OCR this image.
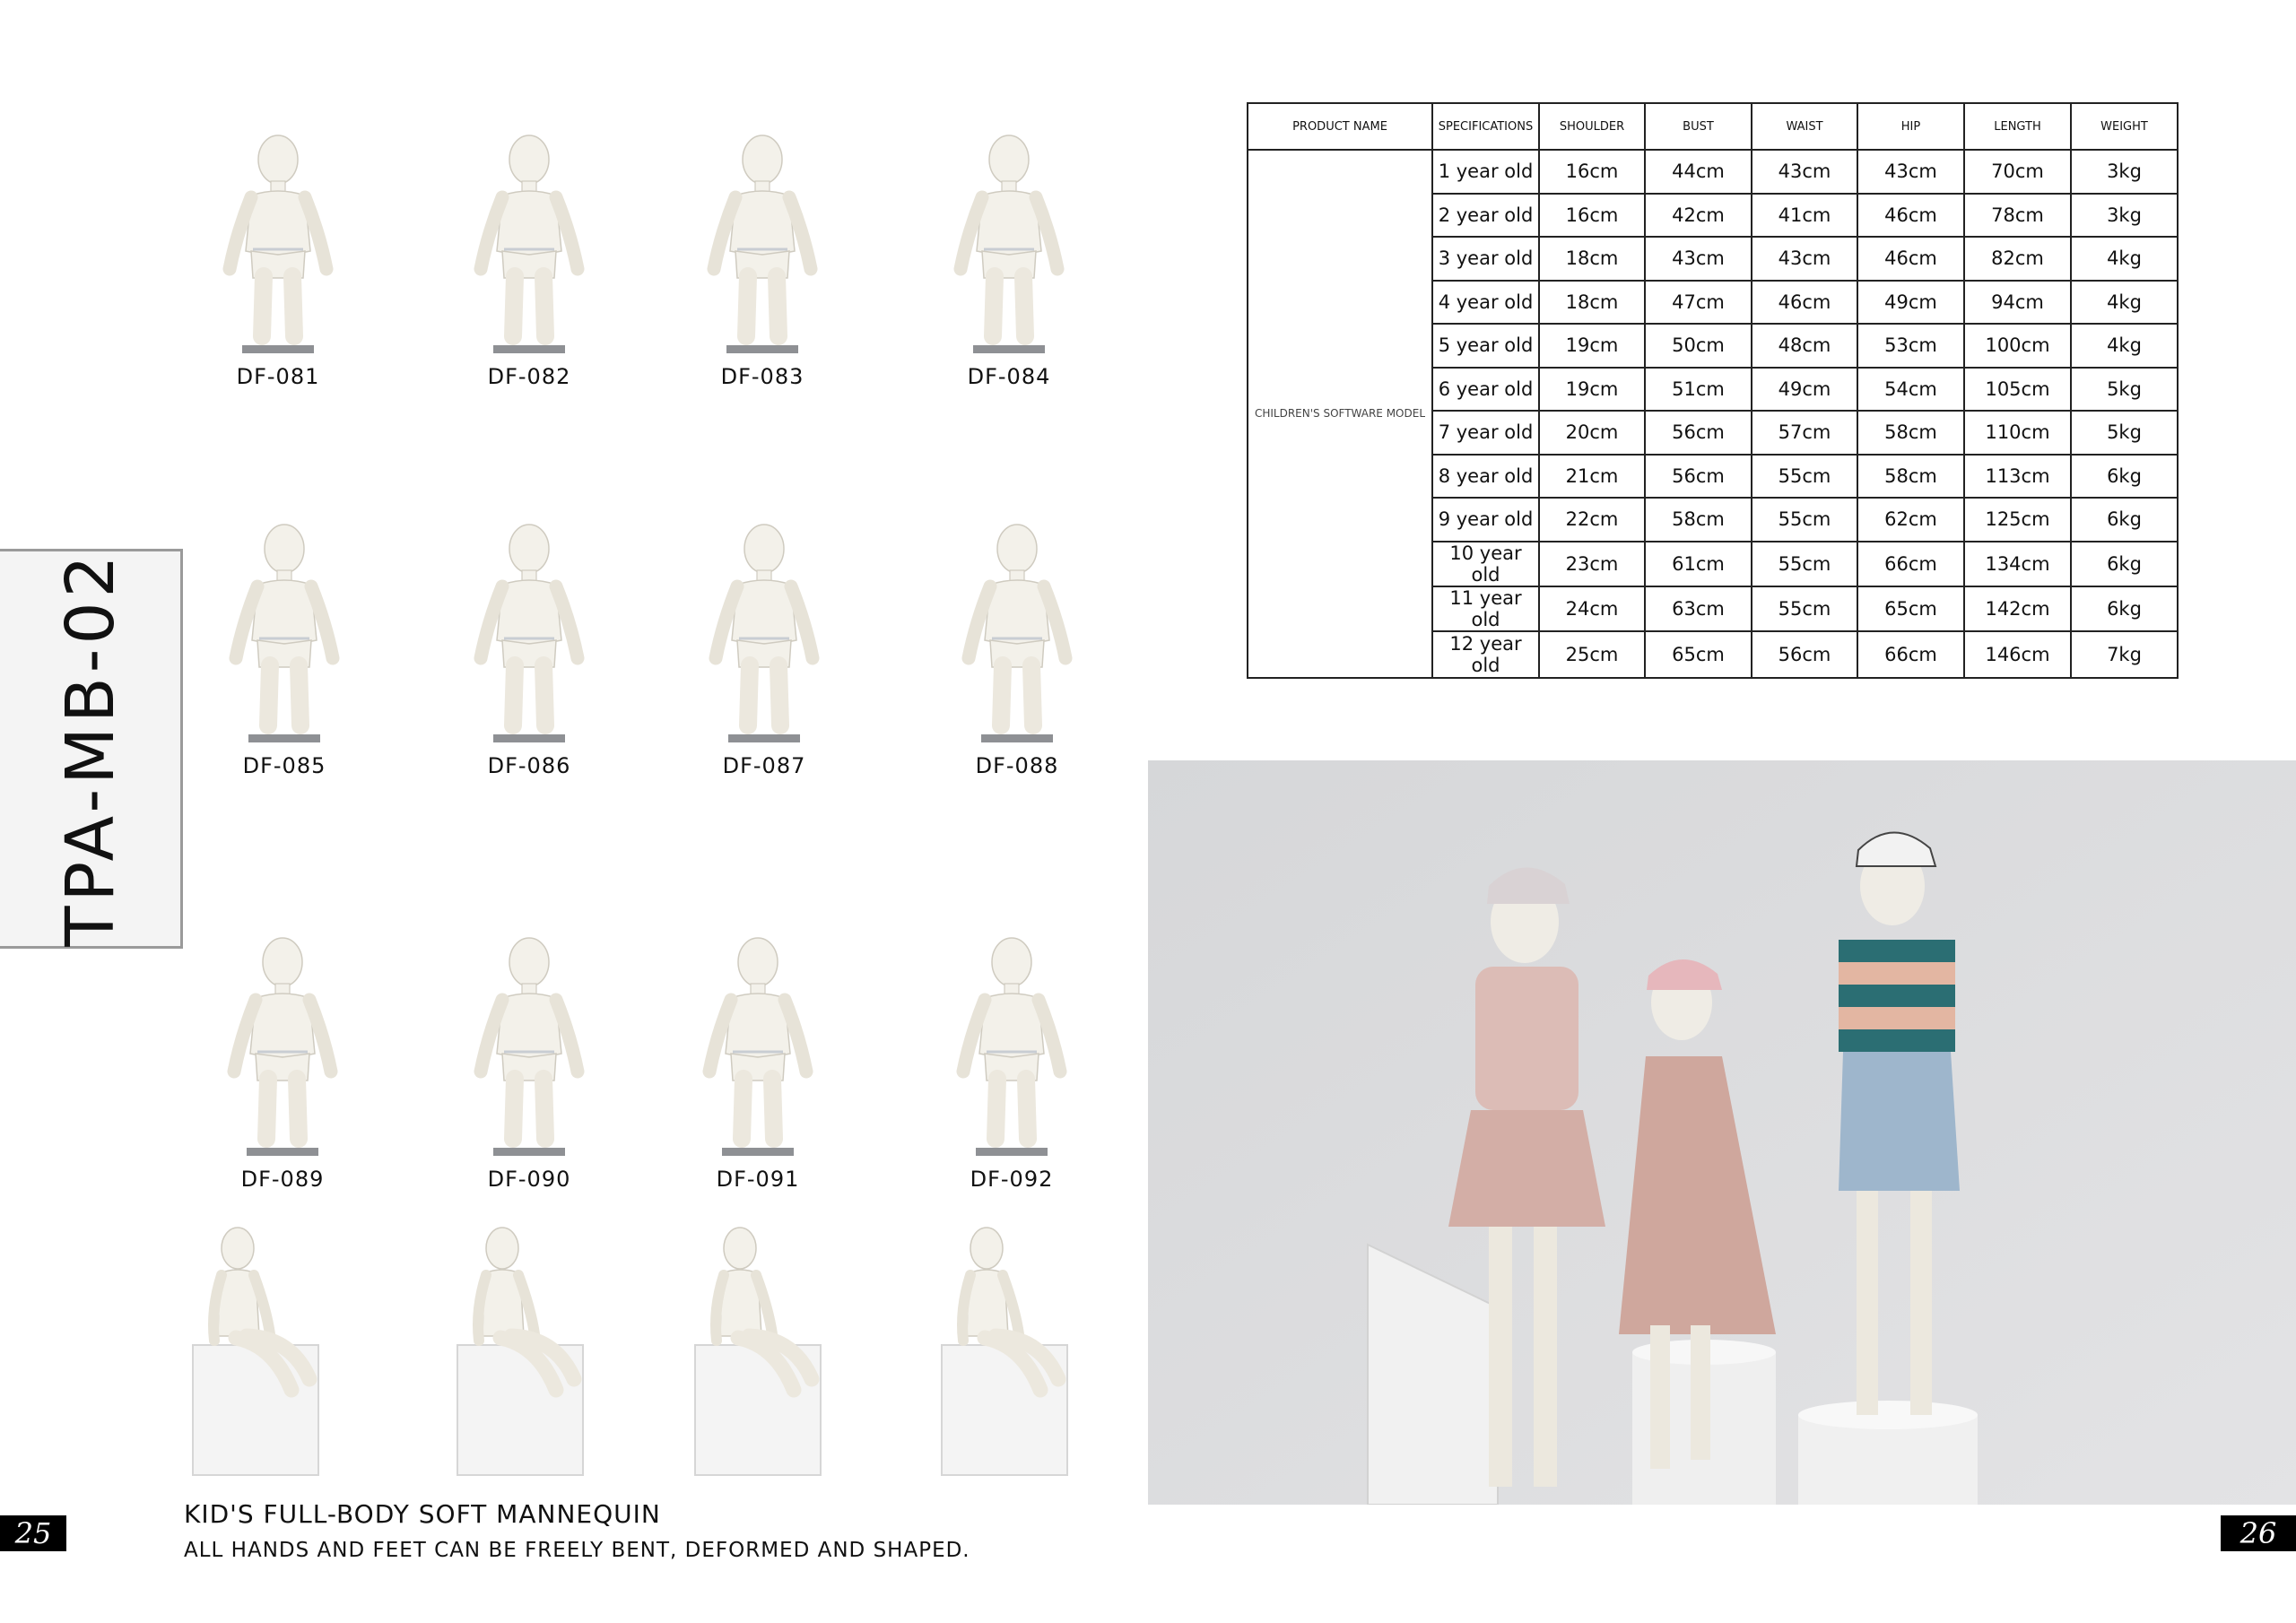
TPA-MB-02
DF-081	DF-082	DF-083	DF-084
DF-085	DF-086	DF-087	DF-088
DF-089	DF-090	DF-091	DF-092
PRODUCT NAME	SPECIFICATIONS	SHOULDER	BUST	WAIST	HIP	LENGTH	WEIGHT
CHILDREN'S SOFTWARE MODEL	1 year old	16cm	44cm	43cm	43cm	70cm	3kg
	2 year old	16cm	42cm	41cm	46cm	78cm	3kg
	3 year old	18cm	43cm	43cm	46cm	82cm	4kg
	4 year old	18cm	47cm	46cm	49cm	94cm	4kg
	5 year old	19cm	50cm	48cm	53cm	100cm	4kg
	6 year old	19cm	51cm	49cm	54cm	105cm	5kg
	7 year old	20cm	56cm	57cm	58cm	110cm	5kg
	8 year old	21cm	56cm	55cm	58cm	113cm	6kg
	9 year old	22cm	58cm	55cm	62cm	125cm	6kg
	10 year old	23cm	61cm	55cm	66cm	134cm	6kg
	11 year old	24cm	63cm	55cm	65cm	142cm	6kg
	12 year old	25cm	65cm	56cm	66cm	146cm	7kg
KID'S FULL-BODY SOFT MANNEQUIN
ALL HANDS AND FEET CAN BE FREELY BENT, DEFORMED AND SHAPED.
25	26
